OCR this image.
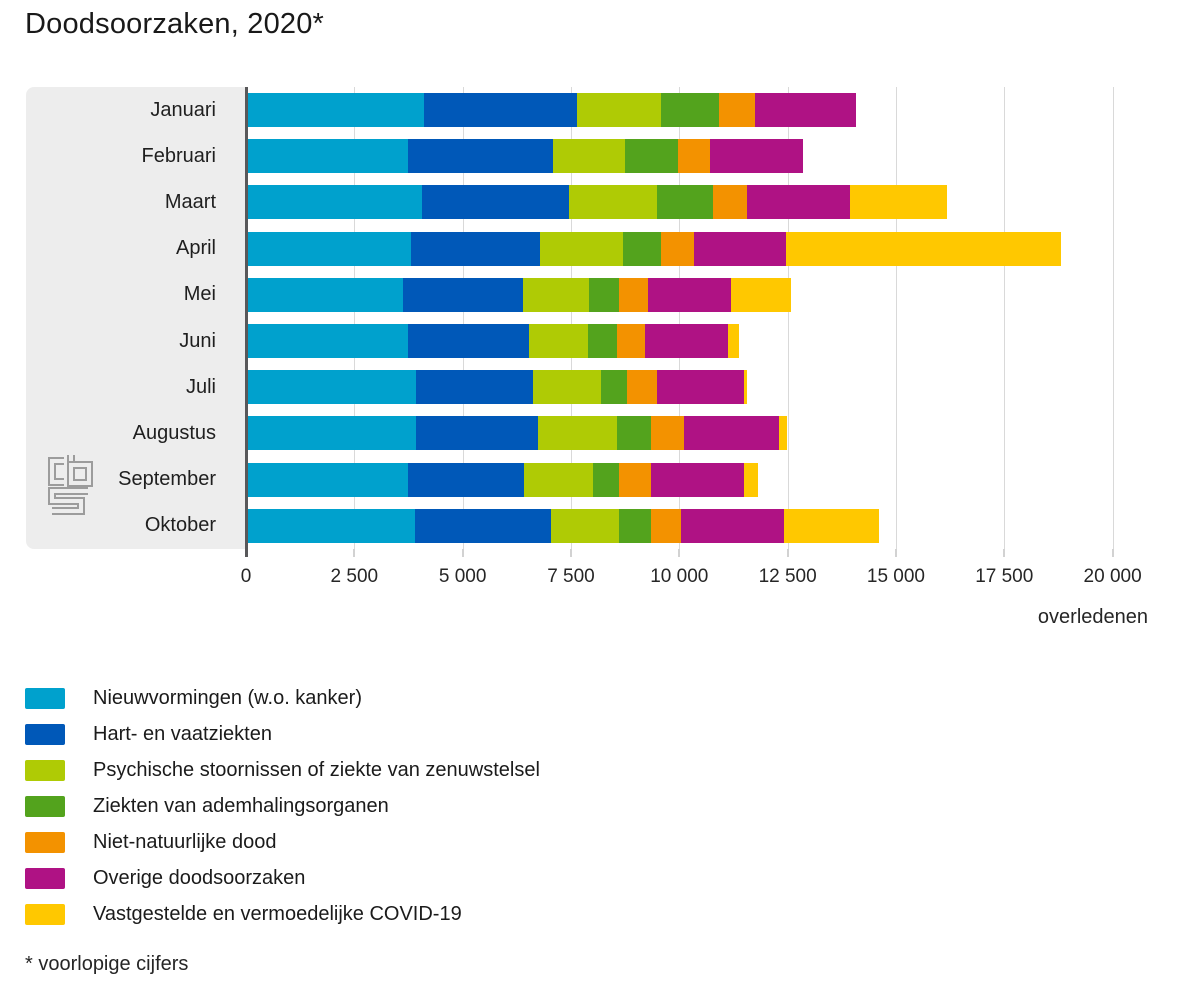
Doodsoorzaken, 2020*
Januari
Februari
Maart
April
Mei
Juni
Juli
Augustus
September
Oktober
0	2 500	5 000	7 500	10 000	12 500	15 000	17 500	20 000
overledenen
Nieuwvormingen (w.o. kanker)
Hart- en vaatziekten
Psychische stoornissen of ziekte van zenuwstelsel
Ziekten van ademhalingsorganen
Niet-natuurlijke dood
Overige doodsoorzaken
Vastgestelde en vermoedelijke COVID-19
* voorlopige cijfers
